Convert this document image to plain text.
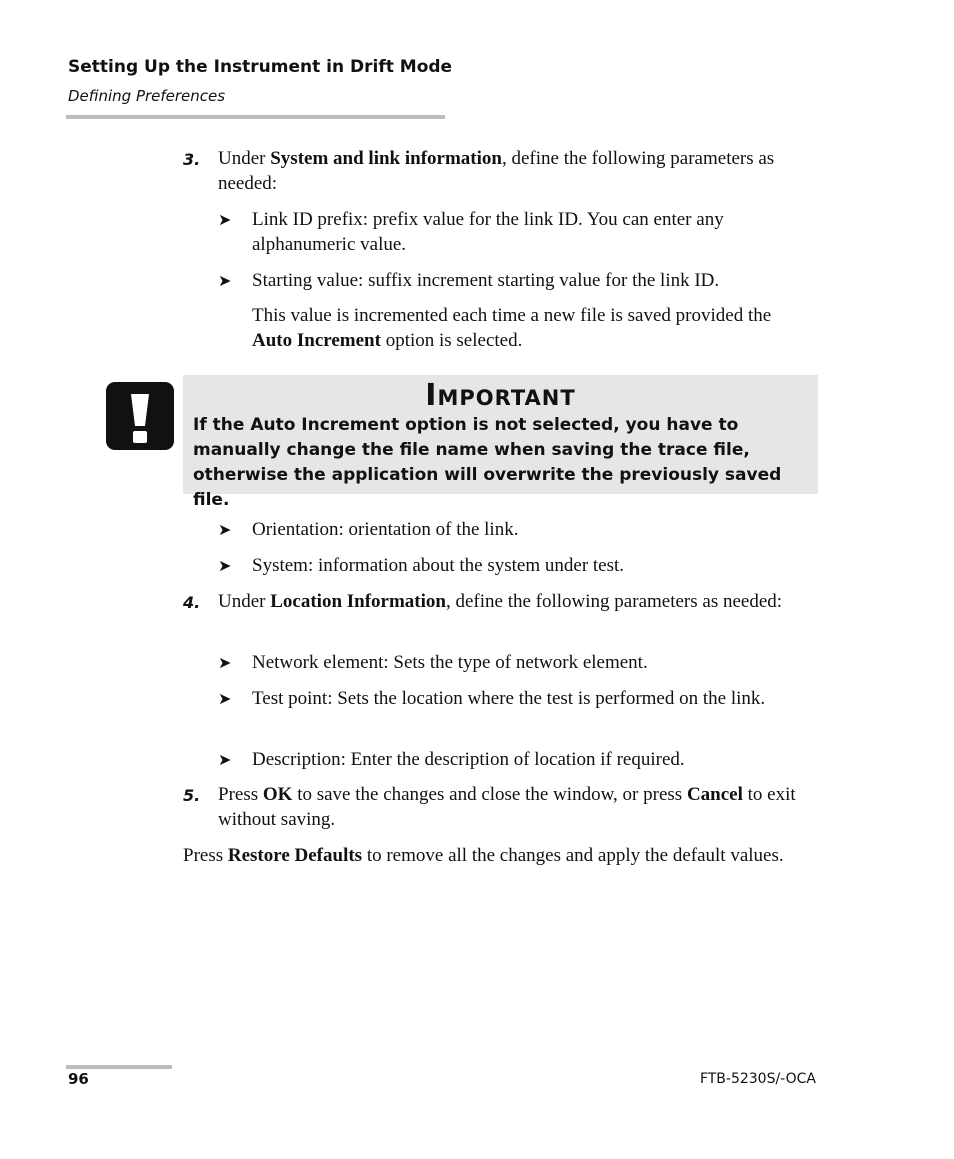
Setting Up the Instrument in Drift Mode
Defining Preferences
3. Under System and link information, define the following parameters as needed:
➤ Link ID prefix: prefix value for the link ID. You can enter any alphanumeric value.
➤ Starting value: suffix increment starting value for the link ID.
This value is incremented each time a new file is saved provided the Auto Increment option is selected.
Important
If the Auto Increment option is not selected, you have to manually change the file name when saving the trace file, otherwise the application will overwrite the previously saved file.
➤ Orientation: orientation of the link.
➤ System: information about the system under test.
4. Under Location Information, define the following parameters as needed:
➤ Network element: Sets the type of network element.
➤ Test point: Sets the location where the test is performed on the link.
➤ Description: Enter the description of location if required.
5. Press OK to save the changes and close the window, or press Cancel to exit without saving.
Press Restore Defaults to remove all the changes and apply the default values.
96	FTB-5230S/-OCA
